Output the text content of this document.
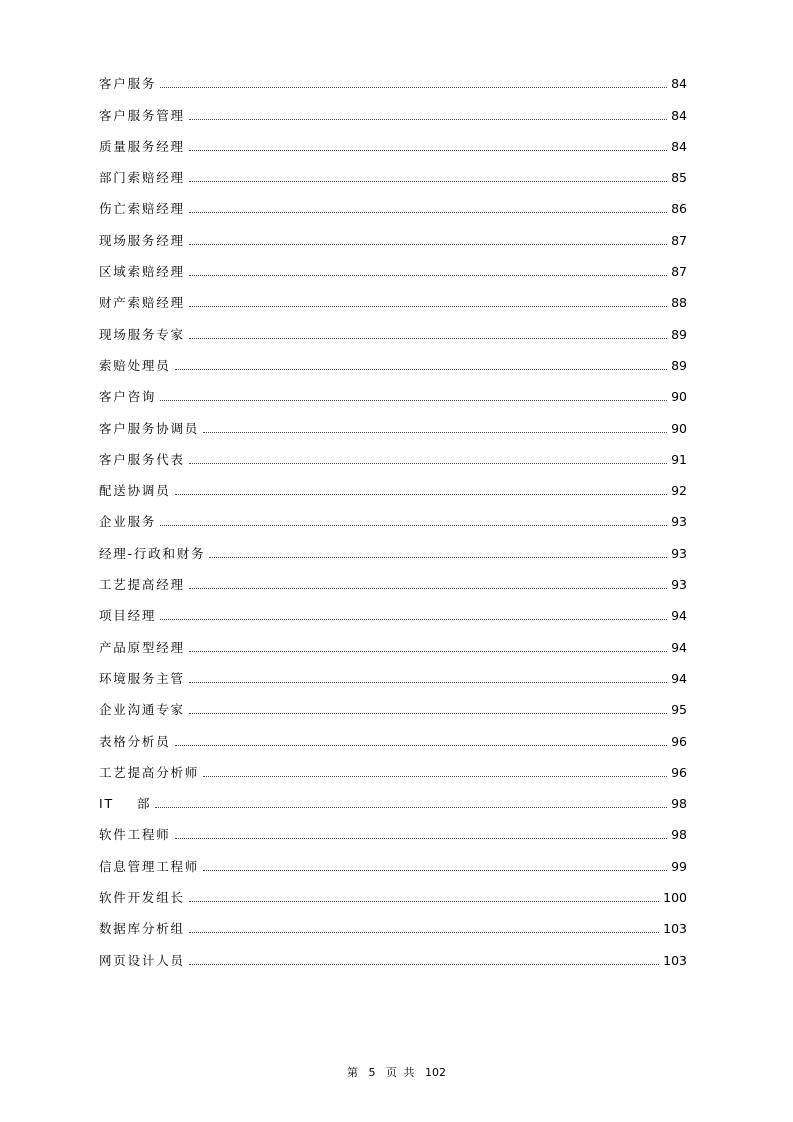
客户服务	84
客户服务管理	84
质量服务经理	84
部门索赔经理	85
伤亡索赔经理	86
现场服务经理	87
区域索赔经理	87
财产索赔经理	88
现场服务专家	89
索赔处理员	89
客户咨询	90
客户服务协调员	90
客户服务代表	91
配送协调员	92
企业服务	93
经理-行政和财务	93
工艺提高经理	93
项目经理	94
产品原型经理	94
环境服务主管	94
企业沟通专家	95
表格分析员	96
工艺提高分析师	96
IT    部	98
软件工程师	98
信息管理工程师	99
软件开发组长	100
数据库分析组	103
网页设计人员	103
第 5 页 共 102
